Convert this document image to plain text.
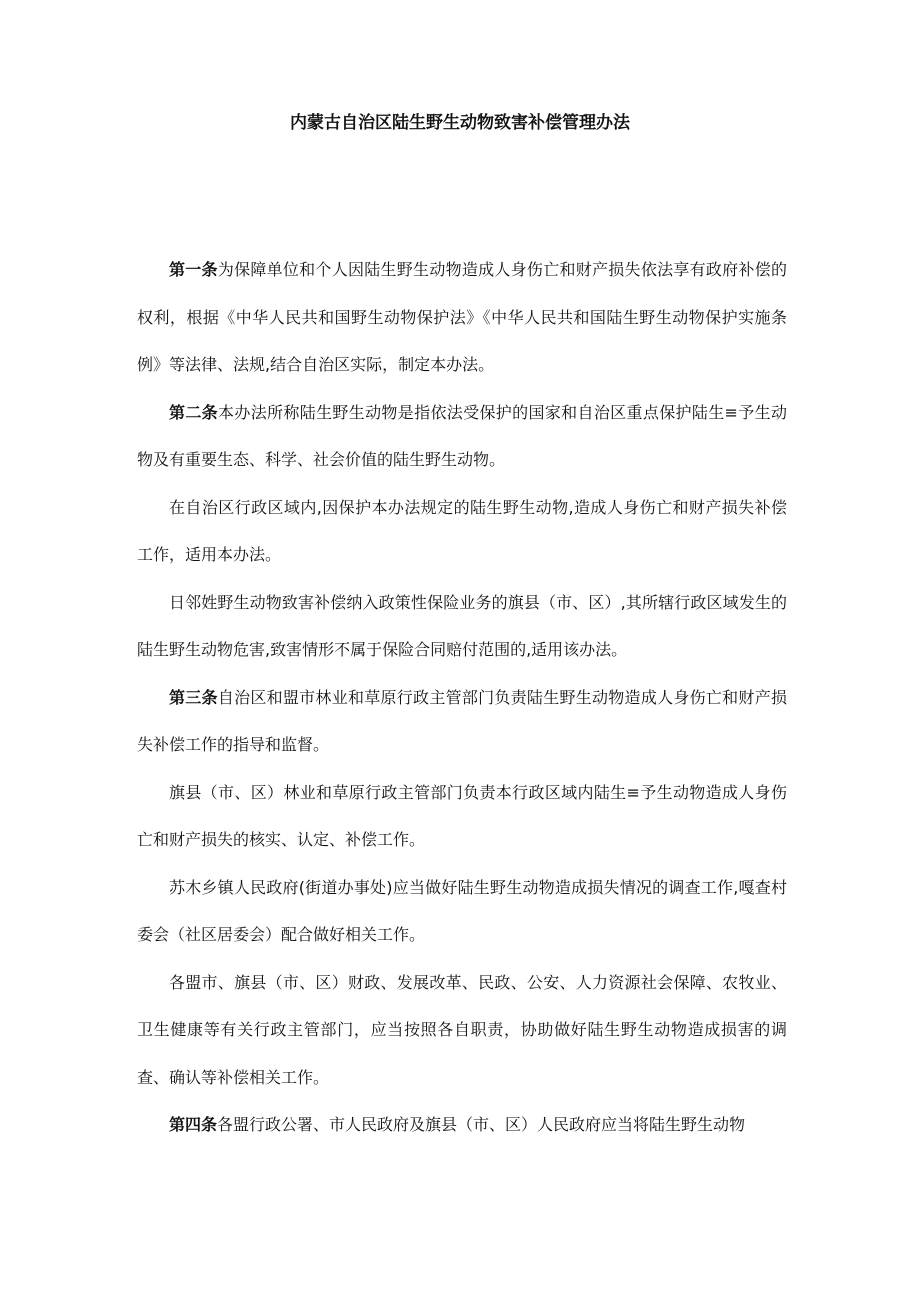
内蒙古自治区陆生野生动物致害补偿管理办法

第一条为保障单位和个人因陆生野生动物造成人身伤亡和财产损失依法享有政府补偿的权利，根据《中华人民共和国野生动物保护法》《中华人民共和国陆生野生动物保护实施条例》等法律、法规,结合自治区实际，制定本办法。

第二条本办法所称陆生野生动物是指依法受保护的国家和自治区重点保护陆生≡予生动物及有重要生态、科学、社会价值的陆生野生动物。

在自治区行政区域内,因保护本办法规定的陆生野生动物,造成人身伤亡和财产损失补偿工作，适用本办法。

日邻姓野生动物致害补偿纳入政策性保险业务的旗县（市、区）,其所辖行政区域发生的陆生野生动物危害,致害情形不属于保险合同赔付范围的,适用该办法。

第三条自治区和盟市林业和草原行政主管部门负责陆生野生动物造成人身伤亡和财产损失补偿工作的指导和监督。

旗县（市、区）林业和草原行政主管部门负责本行政区域内陆生≡予生动物造成人身伤亡和财产损失的核实、认定、补偿工作。

苏木乡镇人民政府(街道办事处)应当做好陆生野生动物造成损失情况的调查工作,嘎查村委会（社区居委会）配合做好相关工作。

各盟市、旗县（市、区）财政、发展改革、民政、公安、人力资源社会保障、农牧业、卫生健康等有关行政主管部门，应当按照各自职责，协助做好陆生野生动物造成损害的调查、确认等补偿相关工作。

第四条各盟行政公署、市人民政府及旗县（市、区）人民政府应当将陆生野生动物
